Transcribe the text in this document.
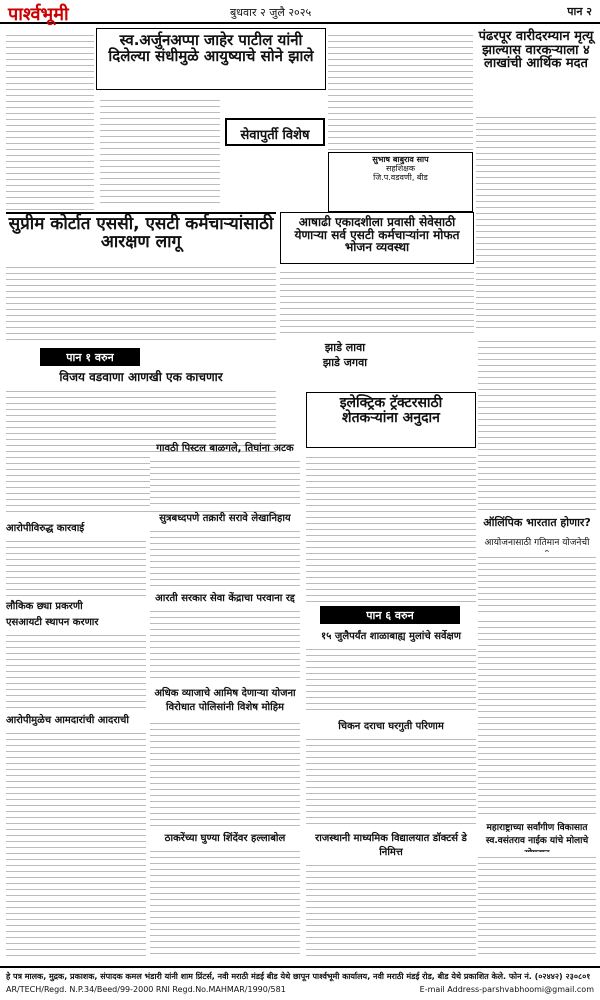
पार्श्वभूमी	बुधवार २ जुलै २०२५	पान २
स्व.अर्जुनअप्पा जाहेर पाटील यांनी दिलेल्या संधीमुळे आयुष्याचे सोने झाले
सेवापुर्ती विशेष
सुभाष बाबुराव साप
सहशिक्षक
जि.प.वडवणी, बीड
पंढरपूर वारीदरम्यान मृत्यू झाल्यास वारकऱ्याला ४ लाखांची आर्थिक मदत
सुप्रीम कोर्टात एससी, एसटी कर्मचाऱ्यांसाठी आरक्षण लागू
आषाढी एकादशीला प्रवासी सेवेसाठी येणाऱ्या सर्व एसटी कर्मचाऱ्यांना मोफत भोजन व्यवस्था
झाडे लावा
झाडे जगवा
पान १ वरुन
विजय वडवाणा आणखी एक काचणार
गावठी पिस्टल बाळगले, तिघांना अटक
सुत्रबध्दपणे तक्रारी सरावे लेखानिहाय
आरती सरकार सेवा केंद्राचा परवाना रद्द
अधिक व्याजाचे आमिष देणाऱ्या योजना विरोधात पोलिसांनी विशेष मोहिम
ठाकरेंच्या घुण्या शिंदेंवर हल्लाबोल
आरोपीविरुद्ध कारवाई
लौकिक छ्या प्रकरणी
एसआयटी स्थापन करणार
आरोपीमुळेच आमदारांची आदराची
इलेक्ट्रिक ट्रॅक्टरसाठी शेतकऱ्यांना अनुदान
ऑलिंपिक भारतात होणार?
आयोजनासाठी गतिमान योजनेची
पान ६ वरुन
१५ जुलैपर्यंत शाळाबाह्य मुलांचे सर्वेक्षण
चिकन दराचा घरगुती परिणाम
राजस्थानी माध्यमिक विद्यालयात डॉक्टर्स डे निमित्त
महाराष्ट्राच्या सर्वांगीण विकासात स्व.वसंतराव नाईक यांचे मोलाचे
हे पत्र मालक, मुद्रक, प्रकाशक, संपादक कमल भंडारी यांनी शाम प्रिंटर्स, नवी मराठी मंडई बीड येथे छापून पार्श्वभूमी कार्यालय, नवी मराठी मंडई रोड, बीड येथे प्रकाशित केले. फोन नं. (०२४४२) २३०८०१
AR/TECH/Regd. N.P.34/Beed/99-2000 RNI Regd.No.MAHMAR/1990/581	E-mail Address-parshvabhoomi@gmail.com
